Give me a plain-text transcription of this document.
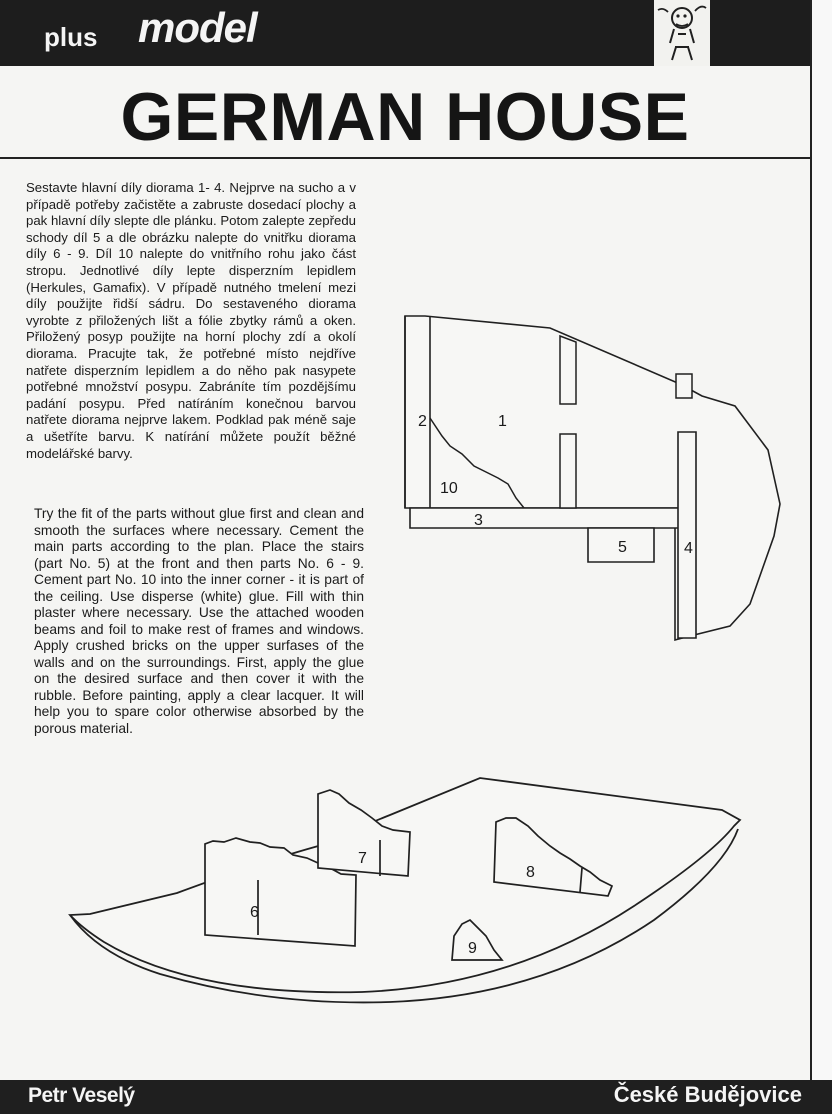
plus model
GERMAN HOUSE
Sestavte hlavní díly diorama 1- 4. Nejprve na sucho a v případě potřeby začistěte a zabruste dosedací plochy a pak hlavní díly slepte dle plánku. Potom zalepte zepředu schody díl 5 a dle obrázku nalepte do vnitřku diorama díly 6 - 9. Díl 10 nalepte do vnitřního rohu jako část stropu. Jednotlivé díly lepte disperzním lepidlem (Herkules, Gamafix). V případě nutného tmelení mezi díly použijte řidší sádru. Do sestaveného diorama vyrobte z přiložených lišt a fólie zbytky rámů a oken. Přiložený posyp použijte na horní plochy zdí a okolí diorama. Pracujte tak, že potřebné místo nejdříve natřete disperzním lepidlem a do něho pak nasypete potřebné množství posypu. Zabráníte tím pozdějšímu padání posypu. Před natíráním konečnou barvou natřete diorama nejprve lakem. Podklad pak méně saje a ušetříte barvu. K natírání můžete použít běžné modelářské barvy.
Try the fit of the parts without glue first and clean and smooth the surfaces where necessary. Cement the main parts according to the plan. Place the stairs (part No. 5) at the front and then parts No. 6 - 9. Cement part No. 10 into the inner corner - it is part of the ceiling. Use disperse (white) glue. Fill with thin plaster where necessary. Use the attached wooden beams and foil to make rest of frames and windows. Apply crushed bricks on the upper surfases of the walls and on the surroundings. First, apply the glue on the desired surface and then cover it with the rubble. Before painting, apply a clear lacquer. It will help you to spare color otherwise absorbed by the porous material.
2	1
10
3
5	4
6
7
8
9
Petr Veselý	České Budějovice
